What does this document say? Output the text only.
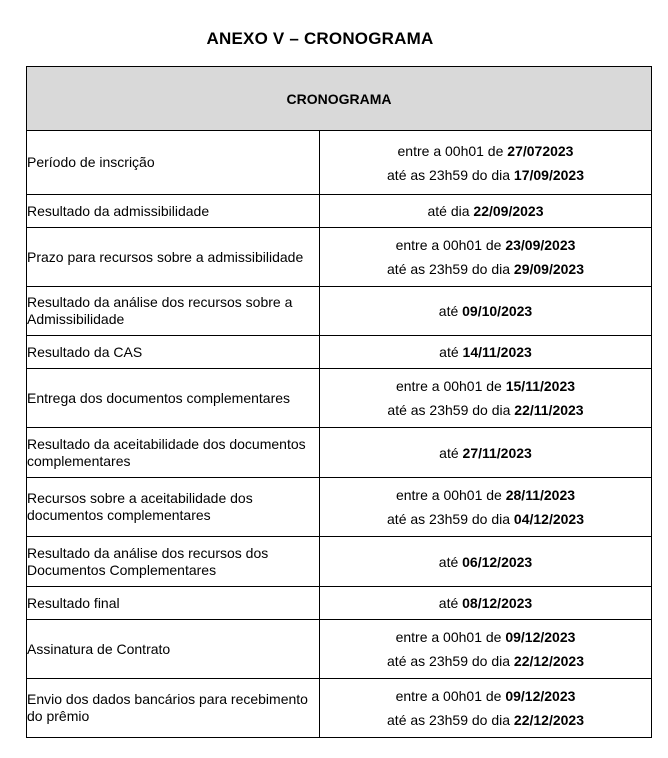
ANEXO V – CRONOGRAMA
CRONOGRAMA	
Período de inscrição	entre a 00h01 de 27/072023
até as 23h59 do dia 17/09/2023

Resultado da admissibilidade	até dia 22/09/2023

Prazo para recursos sobre a admissibilidade	entre a 00h01 de 23/09/2023
até as 23h59 do dia 29/09/2023

Resultado da análise dos recursos sobre a Admissibilidade	até 09/10/2023

Resultado da CAS	até 14/11/2023

Entrega dos documentos complementares	entre a 00h01 de 15/11/2023
até as 23h59 do dia 22/11/2023

Resultado da aceitabilidade dos documentos complementares	até 27/11/2023

Recursos sobre a aceitabilidade dos documentos complementares	entre a 00h01 de 28/11/2023
até as 23h59 do dia 04/12/2023

Resultado da análise dos recursos dos Documentos Complementares	até 06/12/2023

Resultado final	até 08/12/2023

Assinatura de Contrato	entre a 00h01 de 09/12/2023
até as 23h59 do dia 22/12/2023

Envio dos dados bancários para recebimento do prêmio	entre a 00h01 de 09/12/2023
até as 23h59 do dia 22/12/2023
